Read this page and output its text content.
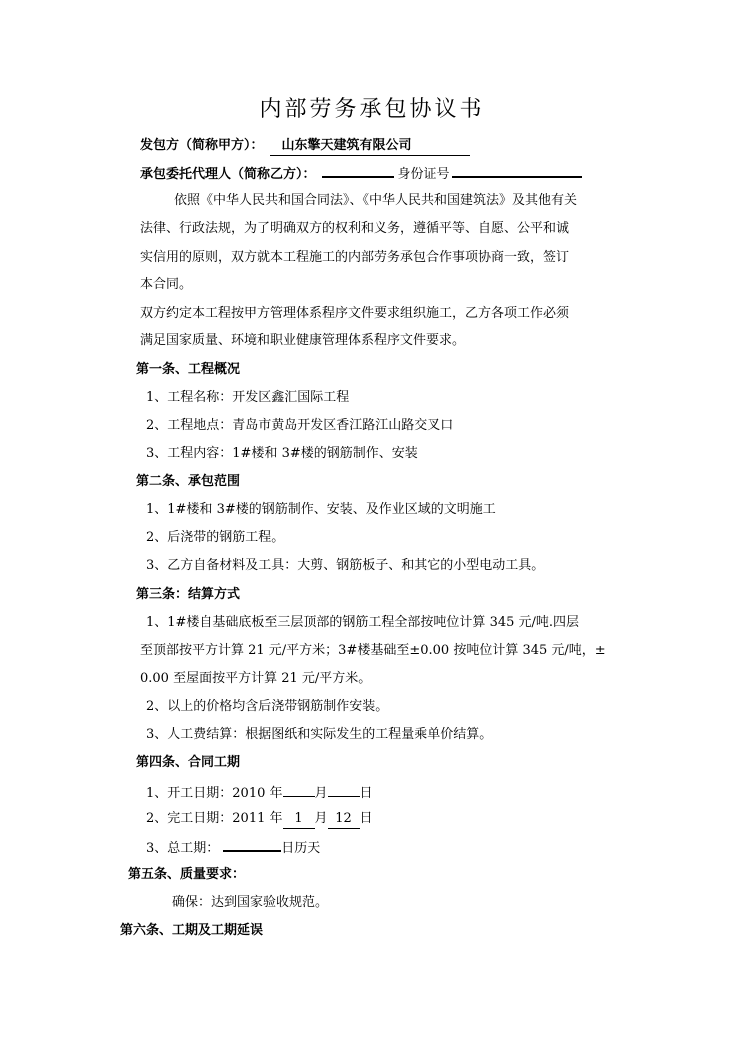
内部劳务承包协议书
发包方（简称甲方）： 山东擎天建筑有限公司
承包委托代理人（简称乙方）：	身份证号
依照《中华人民共和国合同法》、《中华人民共和国建筑法》及其他有关
法律、行政法规，为了明确双方的权利和义务，遵循平等、自愿、公平和诚
实信用的原则，双方就本工程施工的内部劳务承包合作事项协商一致，签订
本合同。
双方约定本工程按甲方管理体系程序文件要求组织施工，乙方各项工作必须
满足国家质量、环境和职业健康管理体系程序文件要求。
第一条、工程概况
1、工程名称：开发区鑫汇国际工程
2、工程地点：青岛市黄岛开发区香江路江山路交叉口
3、工程内容：1#楼和 3#楼的钢筋制作、安装
第二条、承包范围
1、1#楼和 3#楼的钢筋制作、安装、及作业区域的文明施工
2、后浇带的钢筋工程。
3、乙方自备材料及工具：大剪、钢筋板子、和其它的小型电动工具。
第三条：结算方式
1、1#楼自基础底板至三层顶部的钢筋工程全部按吨位计算 345 元/吨.四层
至顶部按平方计算 21 元/平方米；3#楼基础至±0.00 按吨位计算 345 元/吨，±
0.00 至屋面按平方计算 21 元/平方米。
2、以上的价格均含后浇带钢筋制作安装。
3、人工费结算：根据图纸和实际发生的工程量乘单价结算。
第四条、合同工期
1、开工日期：2010 年 月 日
2、完工日期：2011 年 1 月 12 日
3、总工期：	日历天
第五条、质量要求：
确保：达到国家验收规范。
第六条、工期及工期延误
